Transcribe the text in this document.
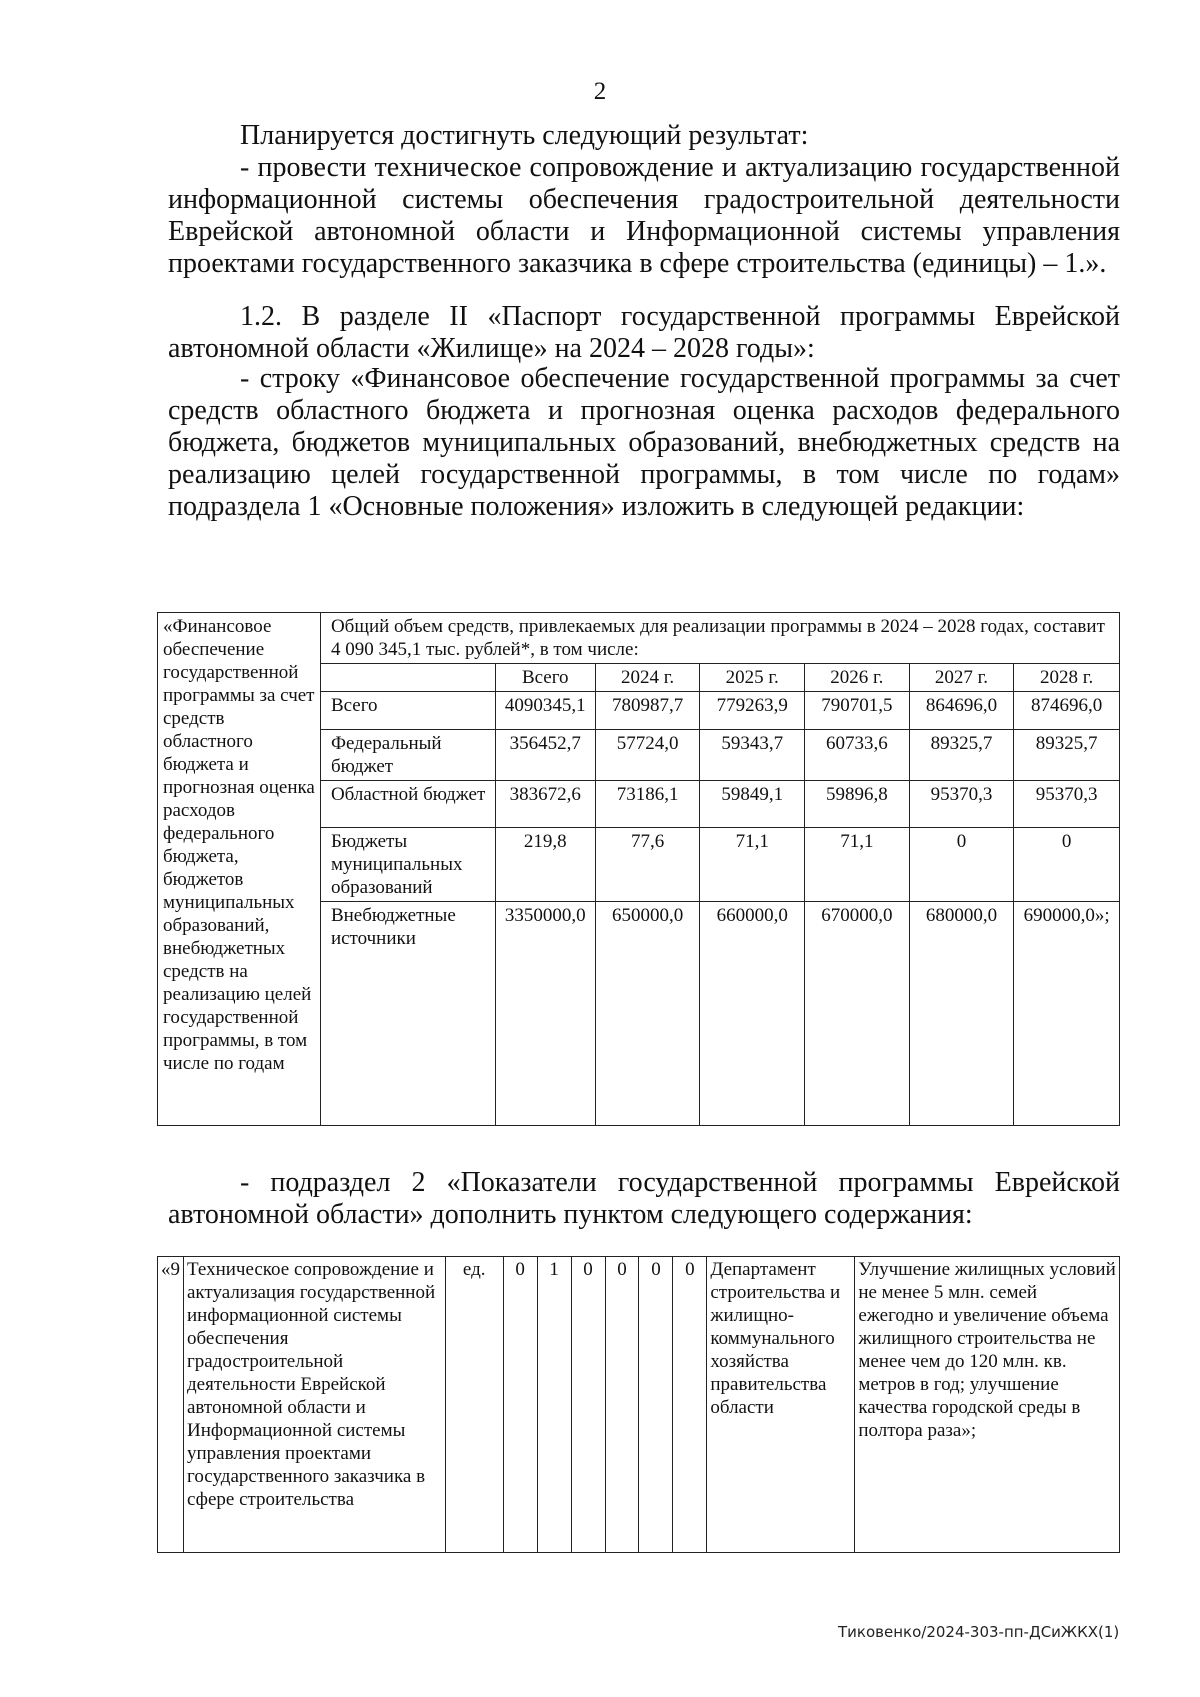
2
Планируется достигнуть следующий результат:
- провести техническое сопровождение и актуализацию государственной информационной системы обеспечения градостроительной деятельности Еврейской автономной области и Информационной системы управления проектами государственного заказчика в сфере строительства (единицы) – 1.».
1.2. В разделе II «Паспорт государственной программы Еврейской автономной области «Жилище» на 2024 – 2028 годы»:
- строку «Финансовое обеспечение государственной программы за счет средств областного бюджета и прогнозная оценка расходов федерального бюджета, бюджетов муниципальных образований, внебюджетных средств на реализацию целей государственной программы, в том числе по годам» подраздела 1 «Основные положения» изложить в следующей редакции:
«Финансовое обеспечение государственной программы за счет средств областного бюджета и прогнозная оценка расходов федерального бюджета, бюджетов муниципальных образований, внебюджетных средств на реализацию целей государственной программы, в том числе по годам	Общий объем средств, привлекаемых для реализации программы в 2024 – 2028 годах, составит 4 090 345,1 тыс. рублей*, в том числе:						
		Всего	2024 г.	2025 г.	2026 г.	2027 г.	2028 г.
	Всего	4090345,1	780987,7	779263,9	790701,5	864696,0	874696,0
	Федеральный бюджет	356452,7	57724,0	59343,7	60733,6	89325,7	89325,7
	Областной бюджет	383672,6	73186,1	59849,1	59896,8	95370,3	95370,3
	Бюджеты муниципальных образований	219,8	77,6	71,1	71,1	0	0
	Внебюджетные источники	3350000,0	650000,0	660000,0	670000,0	680000,0	690000,0»;
- подраздел 2 «Показатели государственной программы Еврейской автономной области» дополнить пунктом следующего содержания:
«9	Техническое сопровождение и актуализация государственной информационной системы обеспечения градостроительной деятельности Еврейской автономной области и Информационной системы управления проектами государственного заказчика в сфере строительства	ед.	0	1	0	0	0	0	Департамент строительства и жилищно-коммунального хозяйства правительства области	Улучшение жилищных условий не менее 5 млн. семей ежегодно и увеличение объема жилищного строительства не менее чем до 120 млн. кв. метров в год; улучшение качества городской среды в полтора раза»;
Тиковенко/2024-303-пп-ДСиЖКХ(1)
